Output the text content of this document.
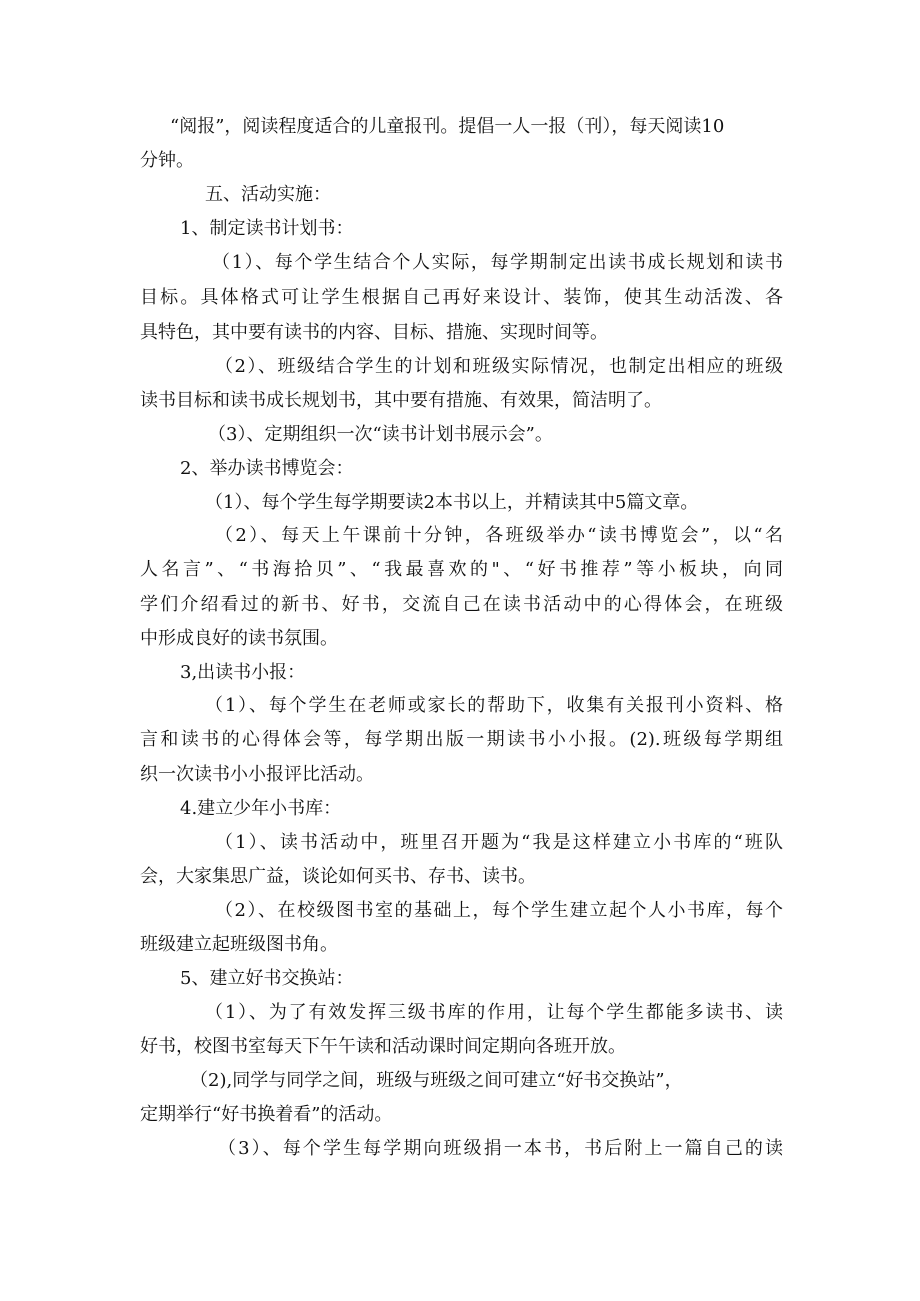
“阅报”，阅读程度适合的儿童报刊。提倡一人一报（刊），每天阅读10
分钟。
五、活动实施：
1、制定读书计划书：
（1）、每个学生结合个人实际，每学期制定出读书成长规划和读书
目标。具体格式可让学生根据自己再好来设计、装饰，使其生动活泼、各
具特色，其中要有读书的内容、目标、措施、实现时间等。
（2）、班级结合学生的计划和班级实际情况，也制定出相应的班级
读书目标和读书成长规划书，其中要有措施、有效果，简洁明了。
（3）、定期组织一次“读书计划书展示会”。
2、举办读书博览会：
（1）、每个学生每学期要读2本书以上，并精读其中5篇文章。
（2）、每天上午课前十分钟，各班级举办“读书博览会”，以“名
人名言”、“书海拾贝”、“我最喜欢的"、“好书推荐”等小板块，向同
学们介绍看过的新书、好书，交流自己在读书活动中的心得体会，在班级
中形成良好的读书氛围。
3,出读书小报：
（1）、每个学生在老师或家长的帮助下，收集有关报刊小资料、格
言和读书的心得体会等，每学期出版一期读书小小报。(2).班级每学期组
织一次读书小小报评比活动。
4.建立少年小书库：
（1）、读书活动中，班里召开题为“我是这样建立小书库的“班队
会，大家集思广益，谈论如何买书、存书、读书。
（2）、在校级图书室的基础上，每个学生建立起个人小书库，每个
班级建立起班级图书角。
5、建立好书交换站：
（1）、为了有效发挥三级书库的作用，让每个学生都能多读书、读
好书，校图书室每天下午午读和活动课时间定期向各班开放。
（2),同学与同学之间，班级与班级之间可建立“好书交换站”，
定期举行“好书换着看”的活动。
（3）、每个学生每学期向班级捐一本书，书后附上一篇自己的读
